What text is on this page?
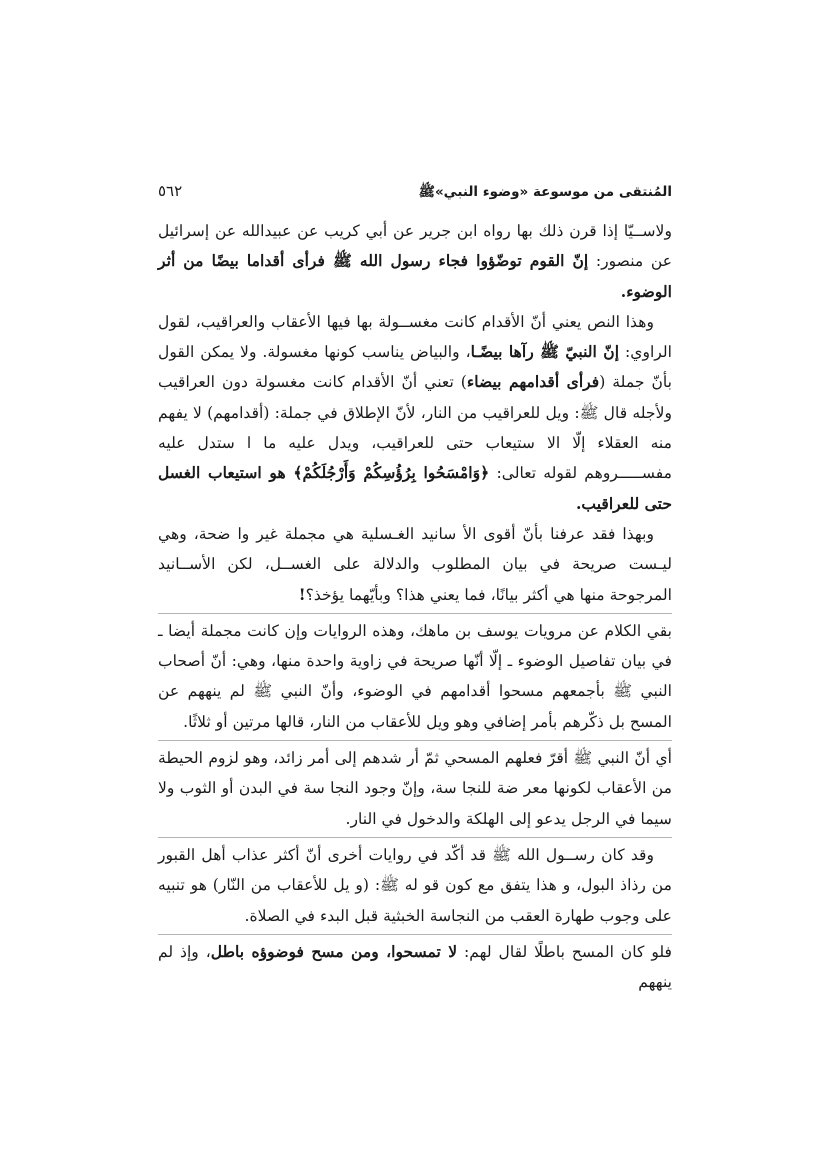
المُنتقى من موسوعة «وضوء النبي»ﷺ
٥٦٢

ولاســيّا إذا قرن ذلك بها رواه ابن جرير عن أبي كريب عن عبيدالله عن إسرائيل عن منصور: إنّ القوم توضّؤوا فجاء رسول الله ﷺ فرأى أقداما بيضًا من أثر الوضوء.

وهذا النص يعني أنّ الأقدام كانت مغســولة بها فيها الأعقاب والعراقيب، لقول الراوي: إنّ النبيّ ﷺ رآها بيضًـا، والبياض يناسب كونها مغسولة. ولا يمكن القول بأنّ جملة (فرأى أقدامهم بيضاء) تعني أنّ الأقدام كانت مغسولة دون العراقيب ولأجله قال ﷺ: ويل للعراقيب من النار، لأنّ الإطلاق في جملة: (أقدامهم) لا يفهم منه العقلاء إلّا الا ستيعاب حتى للعراقيب، ويدل عليه ما ا ستدل عليه مفســـــروهم لقوله تعالى: ﴿وَامْسَحُوا بِرُؤُسِكُمْ وَأَرْجُلَكُمْ﴾ هو استيعاب الغسل حتى للعراقيب.

وبهذا فقد عرفنا بأنّ أقوى الأ سانيد الغـسلية هي مجملة غير وا ضحة، وهي ليـست صريحة في بيان المطلوب والدلالة على الغســل، لكن الأســانيد المرجوحة منها هي أكثر بيانًا، فما يعني هذا؟ وبأيّهما يؤخذ؟!

بقي الكلام عن مرويات يوسف بن ماهك، وهذه الروايات وإن كانت مجملة أيضا ـ في بيان تفاصيل الوضوء ـ إلّا أنّها صريحة في زاوية واحدة منها، وهي: أنّ أصحاب النبي ﷺ بأجمعهم مسحوا أقدامهم في الوضوء، وأنّ النبي ﷺ لم ينههم عن المسح بل ذكّرهم بأمر إضافي وهو ويل للأعقاب من النار، قالها مرتين أو ثلاثًا.

أي أنّ النبي ﷺ أقرّ فعلهم المسحي ثمّ أر شدهم إلى أمر زائد، وهو لزوم الحيطة من الأعقاب لكونها معر ضة للنجا سة، وإنّ وجود النجا سة في البدن أو الثوب ولا سيما في الرجل يدعو إلى الهلكة والدخول في النار.

وقد كان رســول الله ﷺ قد أكّد في روايات أخرى أنّ أكثر عذاب أهل القبور من رذاذ البول، و هذا يتفق مع كون قو له ﷺ: (و يل للأعقاب من النّار) هو تنبيه على وجوب طهارة العقب من النجاسة الخبثية قبل البدء في الصلاة.

فلو كان المسح باطلًا لقال لهم: لا تمسحوا، ومن مسح فوضوؤه باطل، وإذ لم ينههم
